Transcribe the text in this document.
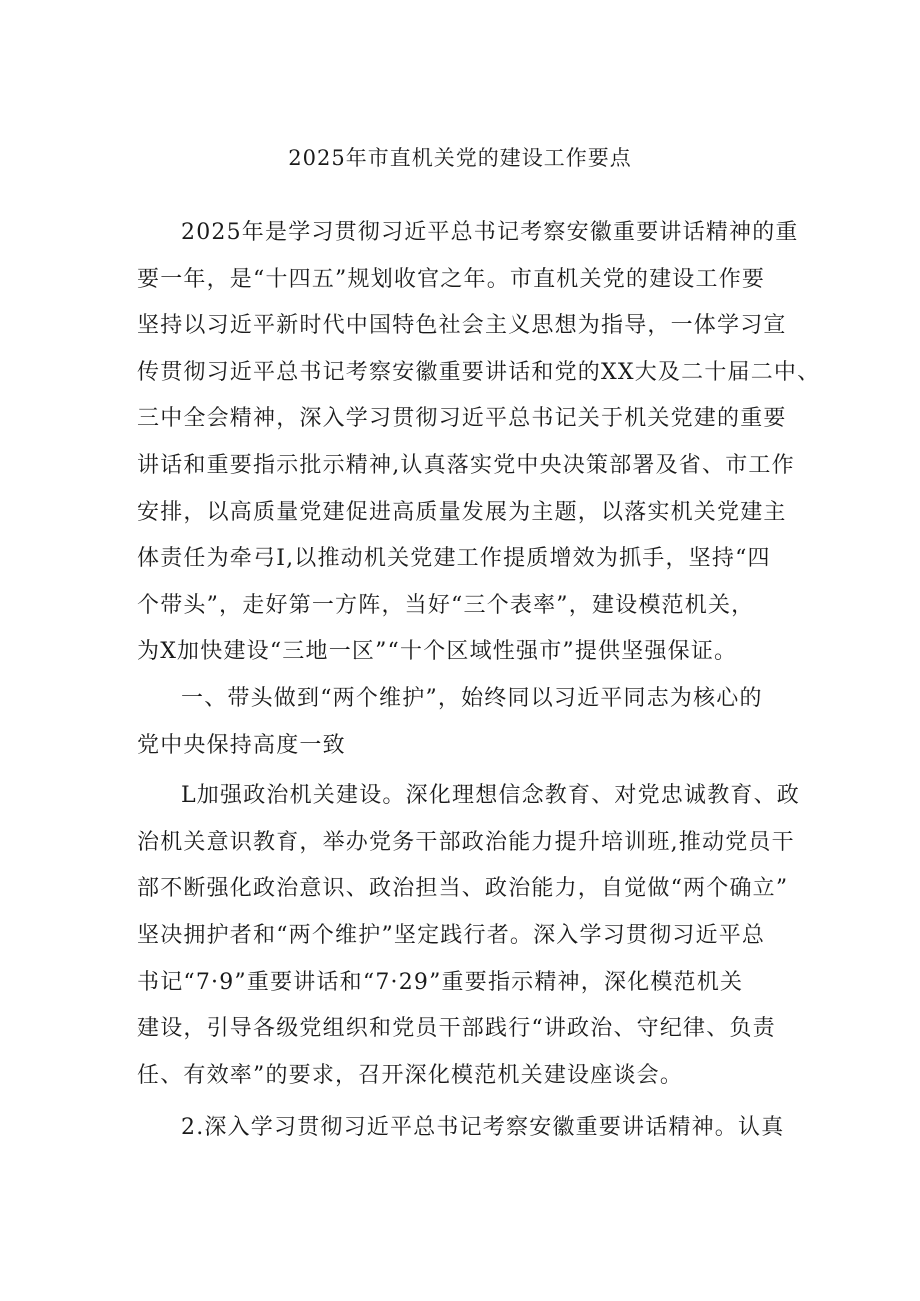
2025年市直机关党的建设工作要点
2025年是学习贯彻习近平总书记考察安徽重要讲话精神的重
要一年，是“十四五”规划收官之年。市直机关党的建设工作要
坚持以习近平新时代中国特色社会主义思想为指导，一体学习宣
传贯彻习近平总书记考察安徽重要讲话和党的XX大及二十届二中、
三中全会精神，深入学习贯彻习近平总书记关于机关党建的重要
讲话和重要指示批示精神,认真落实党中央决策部署及省、市工作
安排，以高质量党建促进高质量发展为主题，以落实机关党建主
体责任为牵弓I,以推动机关党建工作提质增效为抓手，坚持“四
个带头”，走好第一方阵，当好“三个表率”，建设模范机关，
为X加快建设“三地一区”“十个区域性强市”提供坚强保证。
一、带头做到“两个维护”，始终同以习近平同志为核心的
党中央保持高度一致
L加强政治机关建设。深化理想信念教育、对党忠诚教育、政
治机关意识教育，举办党务干部政治能力提升培训班,推动党员干
部不断强化政治意识、政治担当、政治能力，自觉做“两个确立”
坚决拥护者和“两个维护”坚定践行者。深入学习贯彻习近平总
书记“7·9”重要讲话和“7·29”重要指示精神，深化模范机关
建设，引导各级党组织和党员干部践行“讲政治、守纪律、负责
任、有效率”的要求，召开深化模范机关建设座谈会。
2.深入学习贯彻习近平总书记考察安徽重要讲话精神。认真
